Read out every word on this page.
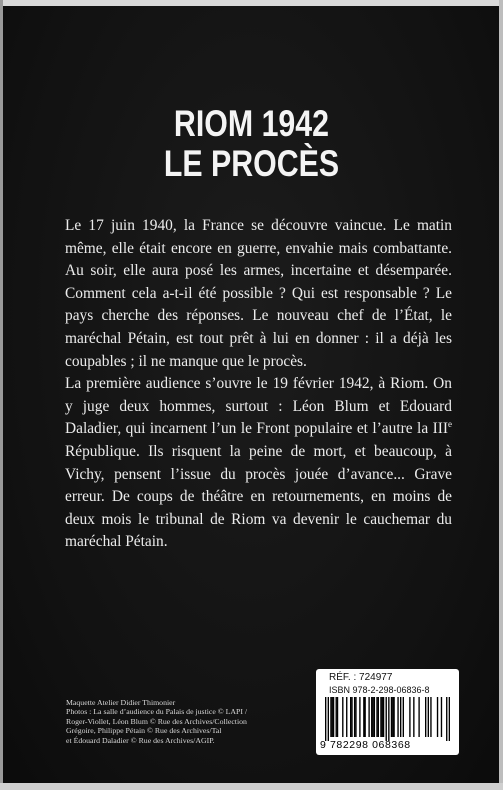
RIOM 1942
LE PROCÈS

Le 17 juin 1940, la France se découvre vaincue. Le matin même, elle était encore en guerre, envahie mais combattante. Au soir, elle aura posé les armes, incertaine et désemparée. Comment cela a-t-il été possible ? Qui est responsable ? Le pays cherche des réponses. Le nouveau chef de l’État, le maréchal Pétain, est tout prêt à lui en donner : il a déjà les coupables ; il ne manque que le procès.

La première audience s’ouvre le 19 février 1942, à Riom. On y juge deux hommes, surtout : Léon Blum et Edouard Daladier, qui incarnent l’un le Front populaire et l’autre la IIIe République. Ils risquent la peine de mort, et beaucoup, à Vichy, pensent l’issue du procès jouée d’avance... Grave erreur. De coups de théâtre en retournements, en moins de deux mois le tribunal de Riom va devenir le cauchemar du maréchal Pétain.

Maquette Atelier Didier Thimonier
Photos : La salle d’audience du Palais de justice © LAPI /
Roger-Viollet, Léon Blum © Rue des Archives/Collection
Grégoire, Philippe Pétain © Rue des Archives/Tal
et Édouard Daladier © Rue des Archives/AGIP.
RÉF. : 724977
ISBN 978-2-298-06836-8
9 782298 068368
